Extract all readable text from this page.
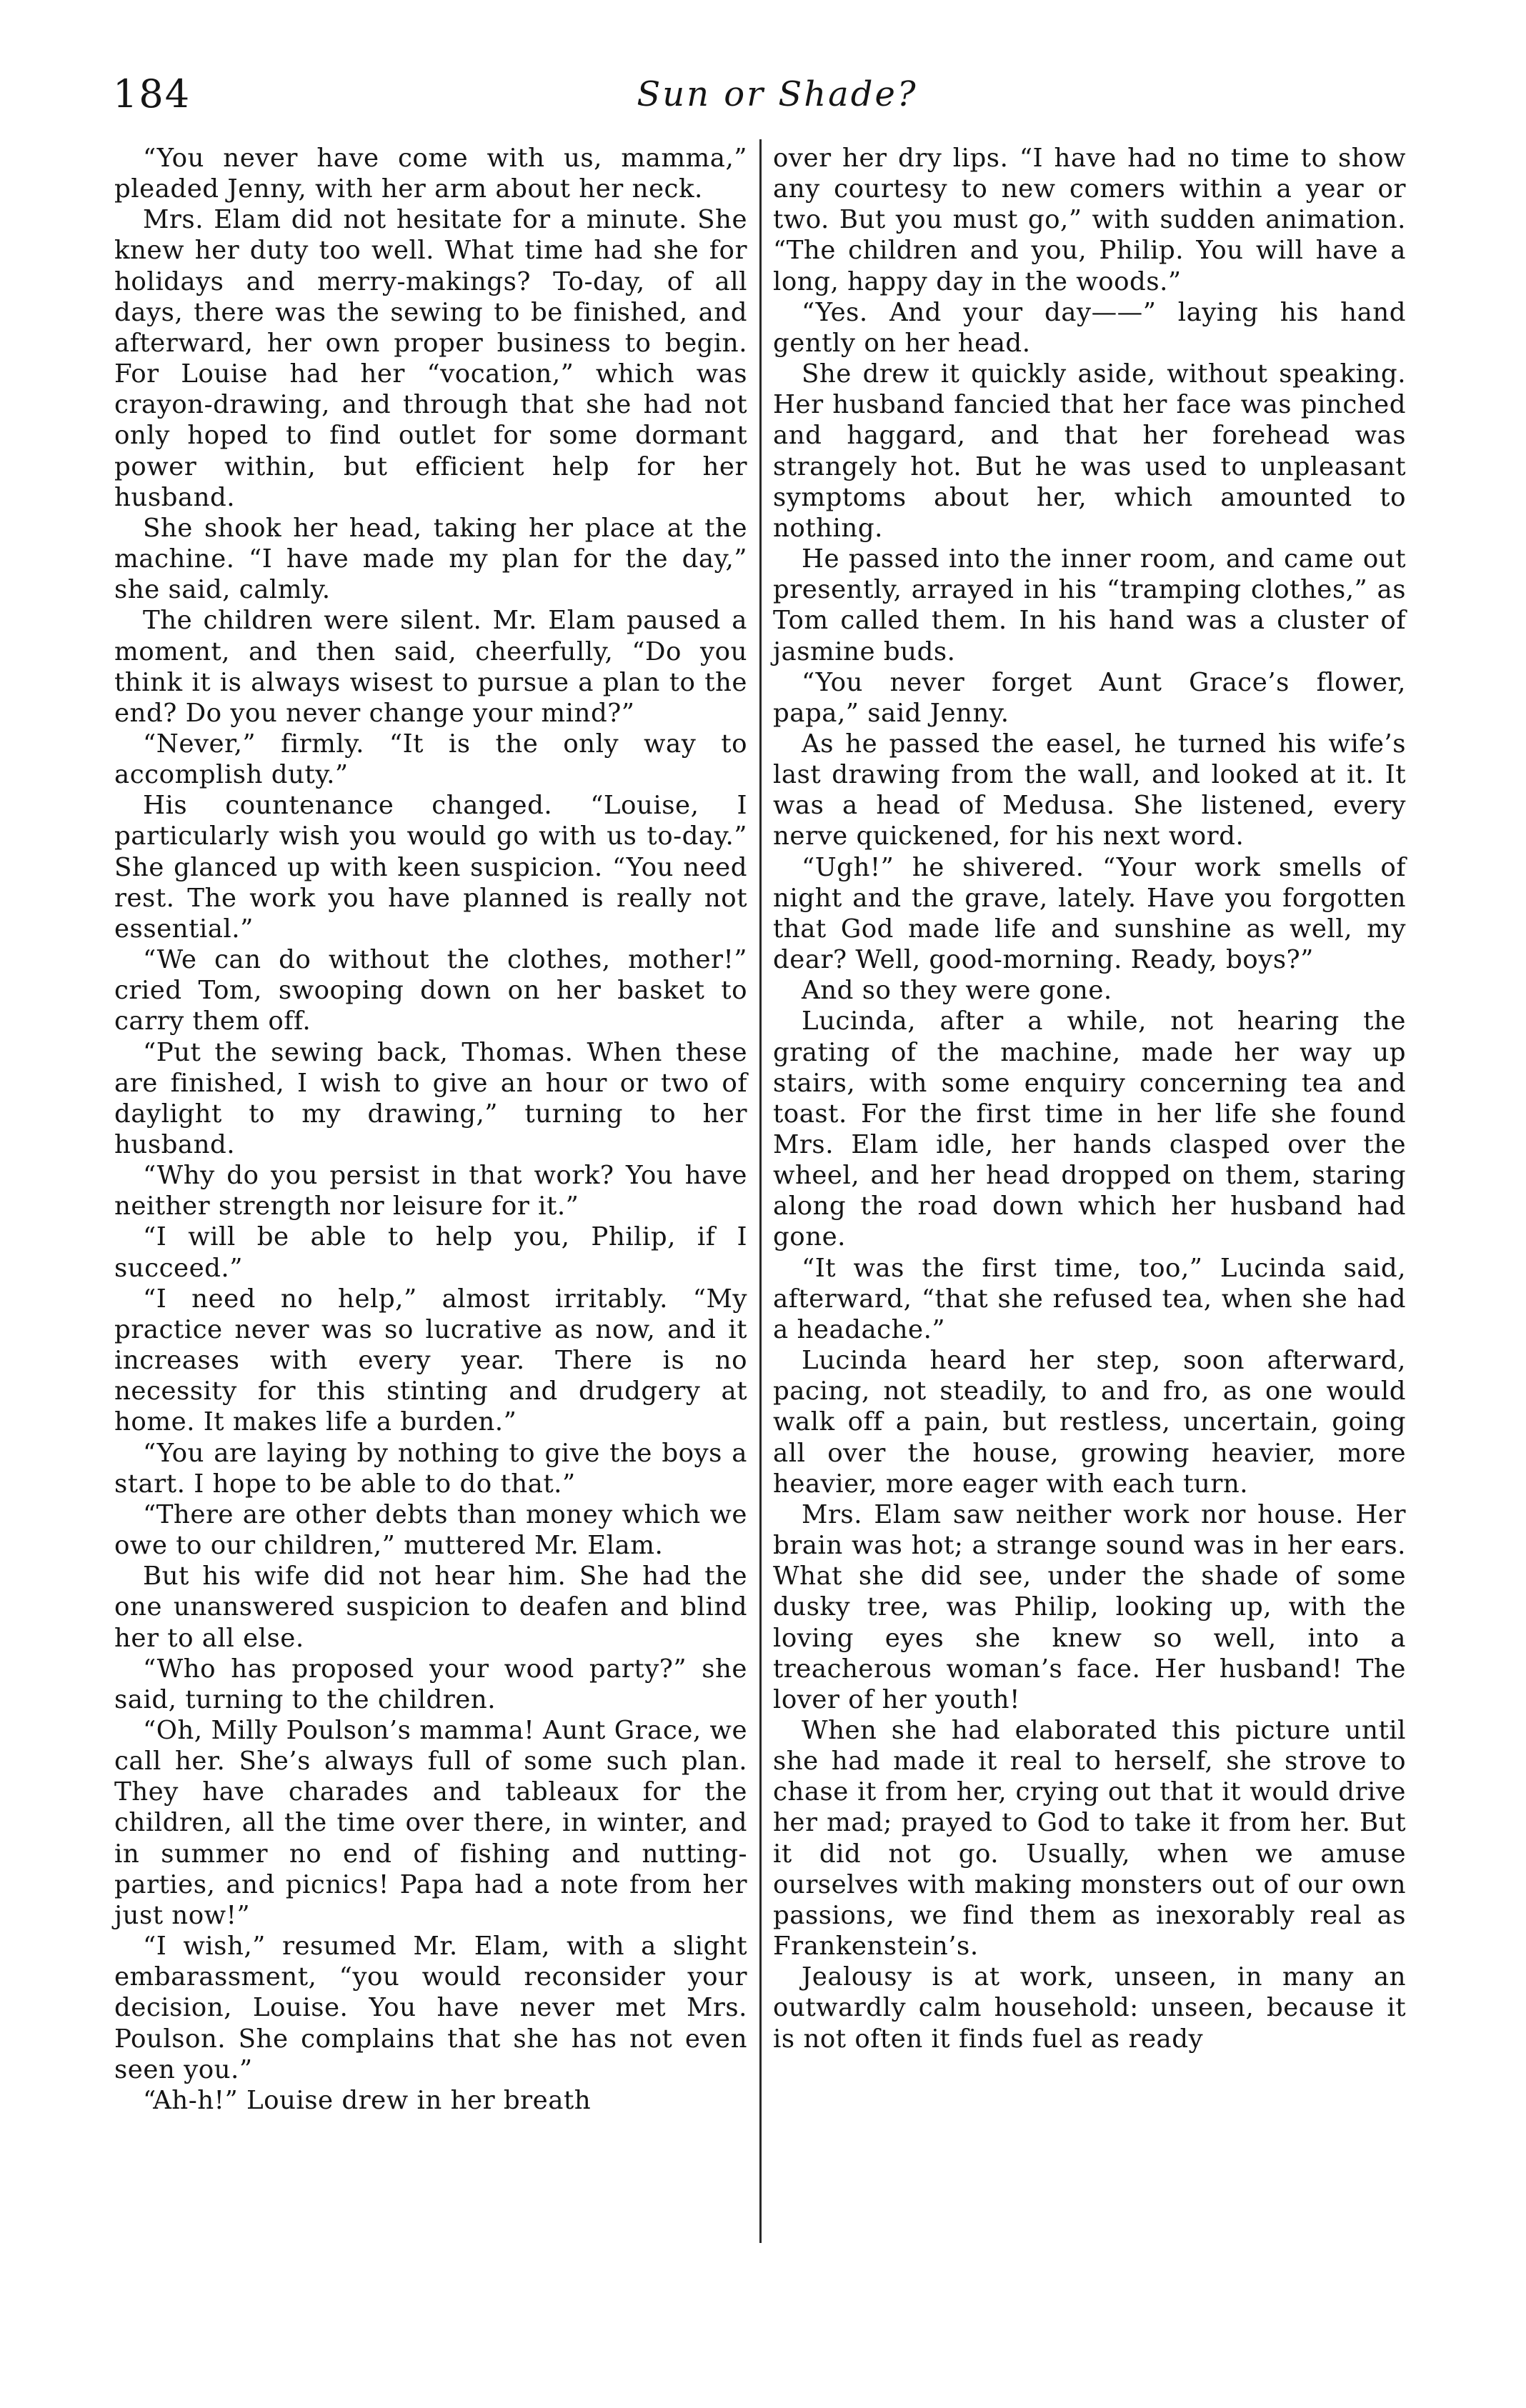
184	Sun or Shade?

“You never have come with us, mamma,” pleaded Jenny, with her arm about her neck.

Mrs. Elam did not hesitate for a minute. She knew her duty too well. What time had she for holidays and merry-makings? To-day, of all days, there was the sewing to be finished, and afterward, her own proper business to begin. For Louise had her “vocation,” which was crayon-drawing, and through that she had not only hoped to find outlet for some dormant power within, but efficient help for her husband.

She shook her head, taking her place at the machine. “I have made my plan for the day,” she said, calmly.

The children were silent. Mr. Elam paused a moment, and then said, cheerfully, “Do you think it is always wisest to pursue a plan to the end? Do you never change your mind?”

“Never,” firmly. “It is the only way to accomplish duty.”

His countenance changed. “Louise, I particularly wish you would go with us to-day.” She glanced up with keen suspicion. “You need rest. The work you have planned is really not essential.”

“We can do without the clothes, mother!” cried Tom, swooping down on her basket to carry them off.

“Put the sewing back, Thomas. When these are finished, I wish to give an hour or two of daylight to my drawing,” turning to her husband.

“Why do you persist in that work? You have neither strength nor leisure for it.”

“I will be able to help you, Philip, if I succeed.”

“I need no help,” almost irritably. “My practice never was so lucrative as now, and it increases with every year. There is no necessity for this stinting and drudgery at home. It makes life a burden.”

“You are laying by nothing to give the boys a start. I hope to be able to do that.”

“There are other debts than money which we owe to our children,” muttered Mr. Elam.

But his wife did not hear him. She had the one unanswered suspicion to deafen and blind her to all else.

“Who has proposed your wood party?” she said, turning to the children.

“Oh, Milly Poulson’s mamma! Aunt Grace, we call her. She’s always full of some such plan. They have charades and tableaux for the children, all the time over there, in winter, and in summer no end of fishing and nutting-parties, and picnics! Papa had a note from her just now!”

“I wish,” resumed Mr. Elam, with a slight embarassment, “you would reconsider your decision, Louise. You have never met Mrs. Poulson. She complains that she has not even seen you.”

“Ah-h!” Louise drew in her breath

over her dry lips. “I have had no time to show any courtesy to new comers within a year or two. But you must go,” with sudden animation. “The children and you, Philip. You will have a long, happy day in the woods.”

“Yes. And your day——” laying his hand gently on her head.

She drew it quickly aside, without speaking. Her husband fancied that her face was pinched and haggard, and that her forehead was strangely hot. But he was used to unpleasant symptoms about her, which amounted to nothing.

He passed into the inner room, and came out presently, arrayed in his “tramping clothes,” as Tom called them. In his hand was a cluster of jasmine buds.

“You never forget Aunt Grace’s flower, papa,” said Jenny.

As he passed the easel, he turned his wife’s last drawing from the wall, and looked at it. It was a head of Medusa. She listened, every nerve quickened, for his next word.

“Ugh!” he shivered. “Your work smells of night and the grave, lately. Have you forgotten that God made life and sunshine as well, my dear? Well, good-morning. Ready, boys?”

And so they were gone.

Lucinda, after a while, not hearing the grating of the machine, made her way up stairs, with some enquiry concerning tea and toast. For the first time in her life she found Mrs. Elam idle, her hands clasped over the wheel, and her head dropped on them, staring along the road down which her husband had gone.

“It was the first time, too,” Lucinda said, afterward, “that she refused tea, when she had a headache.”

Lucinda heard her step, soon afterward, pacing, not steadily, to and fro, as one would walk off a pain, but restless, uncertain, going all over the house, growing heavier, more heavier, more eager with each turn.

Mrs. Elam saw neither work nor house. Her brain was hot; a strange sound was in her ears. What she did see, under the shade of some dusky tree, was Philip, looking up, with the loving eyes she knew so well, into a treacherous woman’s face. Her husband! The lover of her youth!

When she had elaborated this picture until she had made it real to herself, she strove to chase it from her, crying out that it would drive her mad; prayed to God to take it from her. But it did not go. Usually, when we amuse ourselves with making monsters out of our own passions, we find them as inexorably real as Frankenstein’s.

Jealousy is at work, unseen, in many an outwardly calm household: unseen, because it is not often it finds fuel as ready
